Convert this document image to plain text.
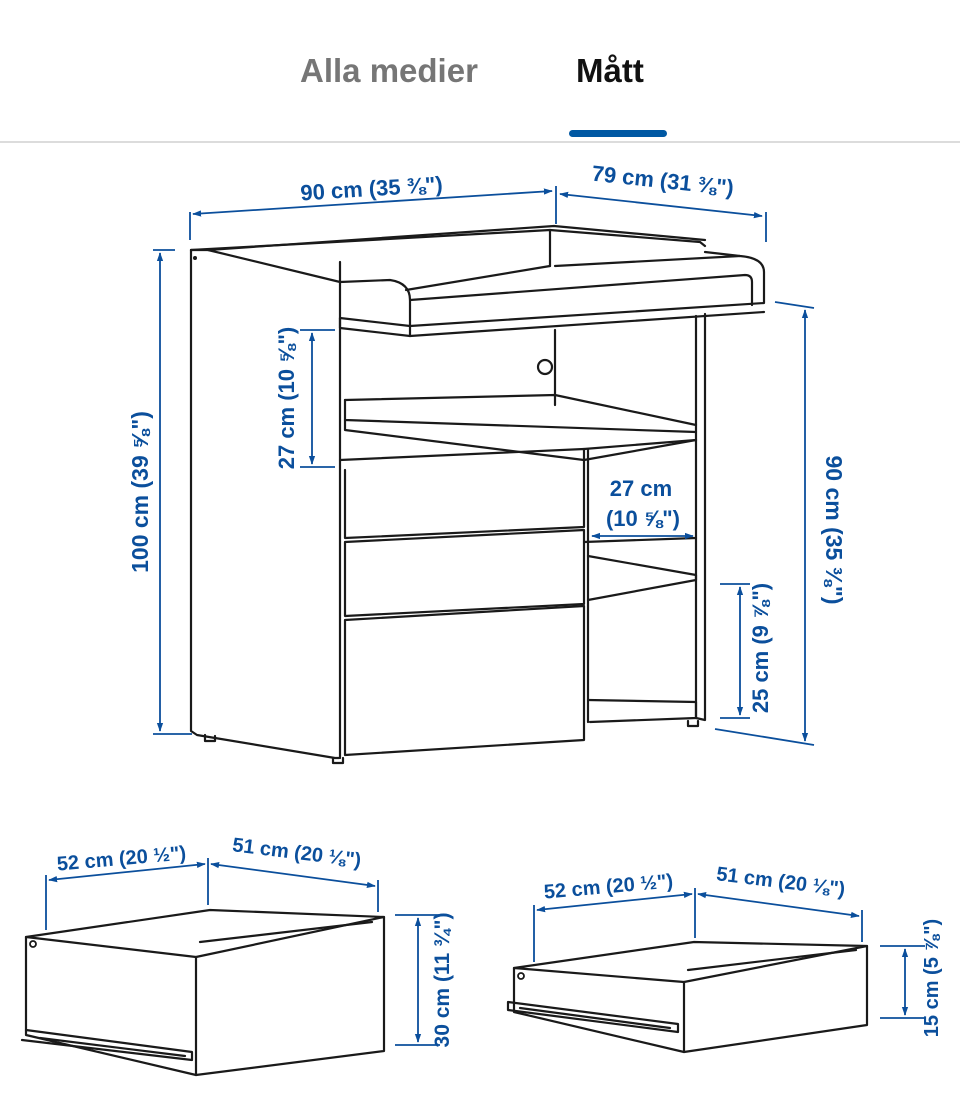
Alla medier	Mått
90 cm (35 ⅜")	79 cm (31 ⅜")
100 cm (39 ⅝")	90 cm (35 ⅜")
27 cm (10 ⅝")
27 cm
(10 ⅝")
25 cm (9 ⅞")
52 cm (20 ½") 51 cm (20 ⅛")
30 cm (11 ¾")
52 cm (20 ½") 51 cm (20 ⅛")
15 cm (5 ⅞")
